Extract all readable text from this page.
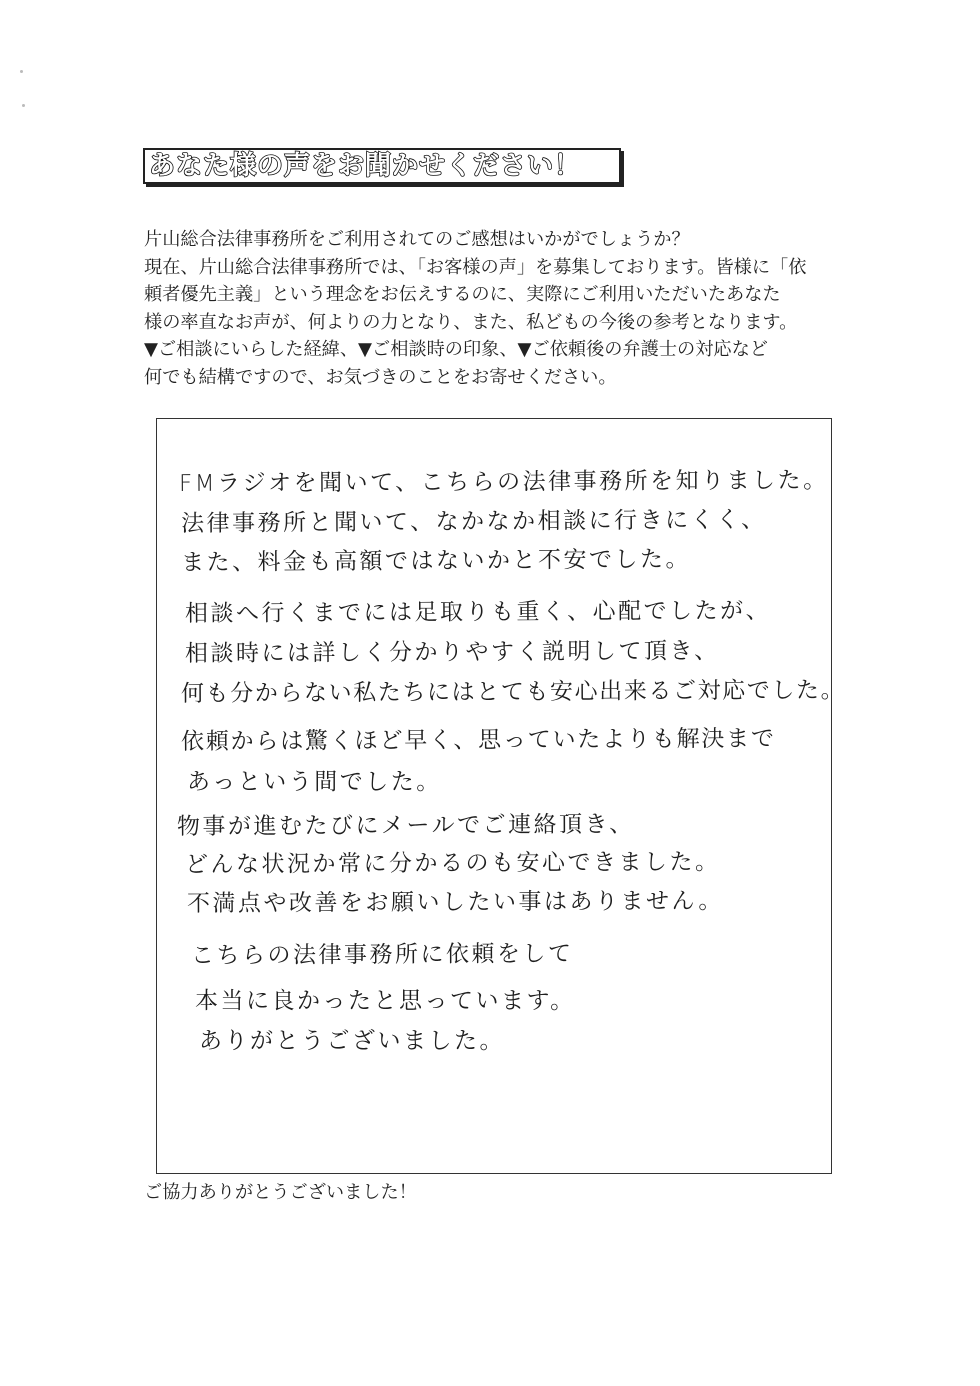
あなた様の声をお聞かせください！

片山総合法律事務所をご利用されてのご感想はいかがでしょうか？

現在、片山総合法律事務所では、「お客様の声」を募集しております。皆様に「依

頼者優先主義」という理念をお伝えするのに、実際にご利用いただいたあなた

様の率直なお声が、何よりの力となり、また、私どもの今後の参考となります。

▼ご相談にいらした経緯、▼ご相談時の印象、▼ご依頼後の弁護士の対応など

何でも結構ですので、お気づきのことをお寄せください。

FMラジオを聞いて、こちらの法律事務所を知りました。
法律事務所と聞いて、なかなか相談に行きにくく、
また、料金も高額ではないかと不安でした。
相談へ行くまでには足取りも重く、心配でしたが、
相談時には詳しく分かりやすく説明して頂き、
何も分からない私たちにはとても安心出来るご対応でした。
依頼からは驚くほど早く、思っていたよりも解決まで
あっという間でした。
物事が進むたびにメールでご連絡頂き、
どんな状況か常に分かるのも安心できました。
不満点や改善をお願いしたい事はありません。
こちらの法律事務所に依頼をして
本当に良かったと思っています。
ありがとうございました。
ご協力ありがとうございました！
